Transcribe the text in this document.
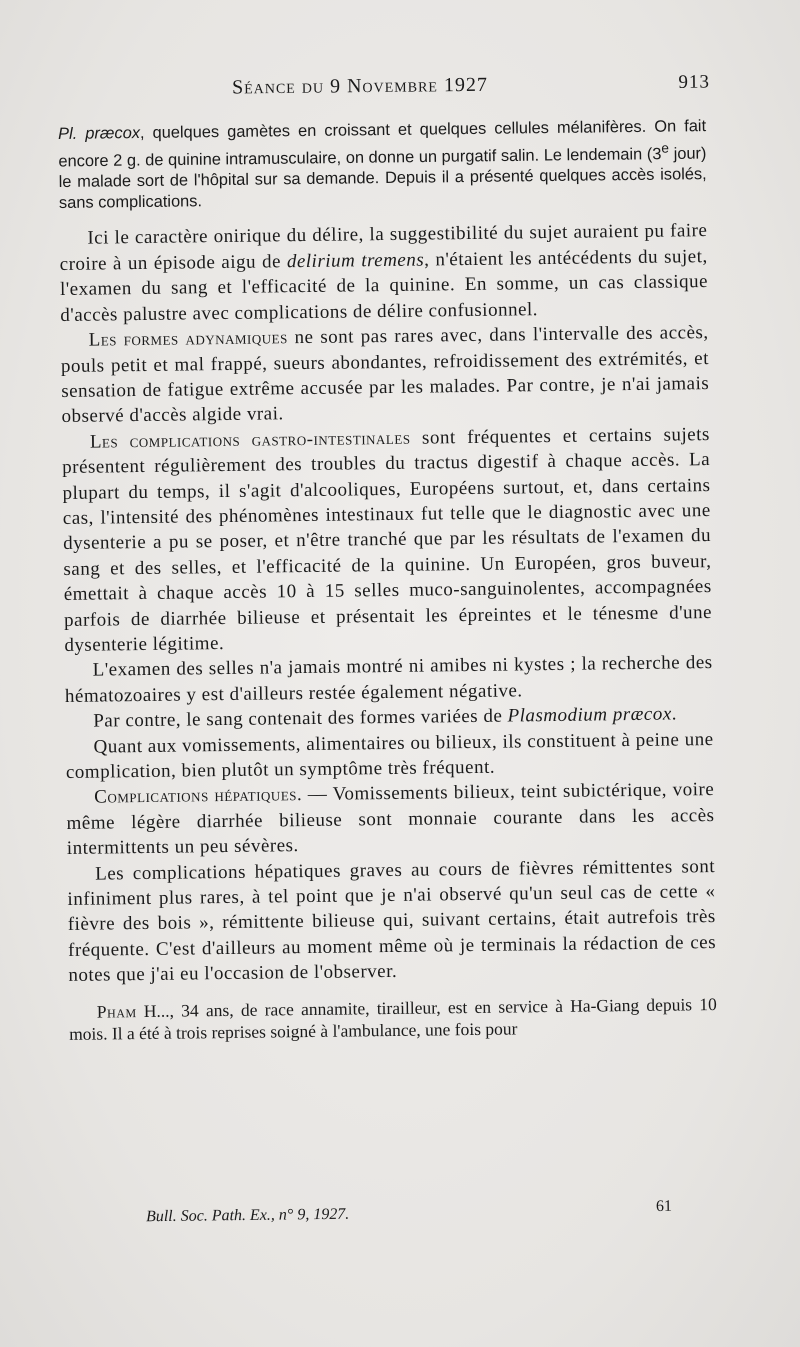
Séance du 9 Novembre 1927	913

Pl. præcox, quelques gamètes en croissant et quelques cellules mélanifères. On fait encore 2 g. de quinine intramusculaire, on donne un purgatif salin. Le lendemain (3e jour) le malade sort de l'hôpital sur sa demande. Depuis il a présenté quelques accès isolés, sans complications.

Ici le caractère onirique du délire, la suggestibilité du sujet auraient pu faire croire à un épisode aigu de delirium tremens, n'étaient les antécédents du sujet, l'examen du sang et l'efficacité de la quinine. En somme, un cas classique d'accès palustre avec complications de délire confusionnel.

Les formes adynamiques ne sont pas rares avec, dans l'intervalle des accès, pouls petit et mal frappé, sueurs abondantes, refroidissement des extrémités, et sensation de fatigue extrême accusée par les malades. Par contre, je n'ai jamais observé d'accès algide vrai.

Les complications gastro-intestinales sont fréquentes et certains sujets présentent régulièrement des troubles du tractus digestif à chaque accès. La plupart du temps, il s'agit d'alcooliques, Européens surtout, et, dans certains cas, l'intensité des phénomènes intestinaux fut telle que le diagnostic avec une dysenterie a pu se poser, et n'être tranché que par les résultats de l'examen du sang et des selles, et l'efficacité de la quinine. Un Européen, gros buveur, émettait à chaque accès 10 à 15 selles muco-sanguinolentes, accompagnées parfois de diarrhée bilieuse et présentait les épreintes et le ténesme d'une dysenterie légitime.

L'examen des selles n'a jamais montré ni amibes ni kystes ; la recherche des hématozoaires y est d'ailleurs restée également négative.

Par contre, le sang contenait des formes variées de Plasmodium præcox.

Quant aux vomissements, alimentaires ou bilieux, ils constituent à peine une complication, bien plutôt un symptôme très fréquent.

Complications hépatiques. — Vomissements bilieux, teint subictérique, voire même légère diarrhée bilieuse sont monnaie courante dans les accès intermittents un peu sévères.

Les complications hépatiques graves au cours de fièvres rémittentes sont infiniment plus rares, à tel point que je n'ai observé qu'un seul cas de cette « fièvre des bois », rémittente bilieuse qui, suivant certains, était autrefois très fréquente. C'est d'ailleurs au moment même où je terminais la rédaction de ces notes que j'ai eu l'occasion de l'observer.

Pham H..., 34 ans, de race annamite, tirailleur, est en service à Ha-Giang depuis 10 mois. Il a été à trois reprises soigné à l'ambulance, une fois pour

Bull. Soc. Path. Ex., n° 9, 1927.	61
